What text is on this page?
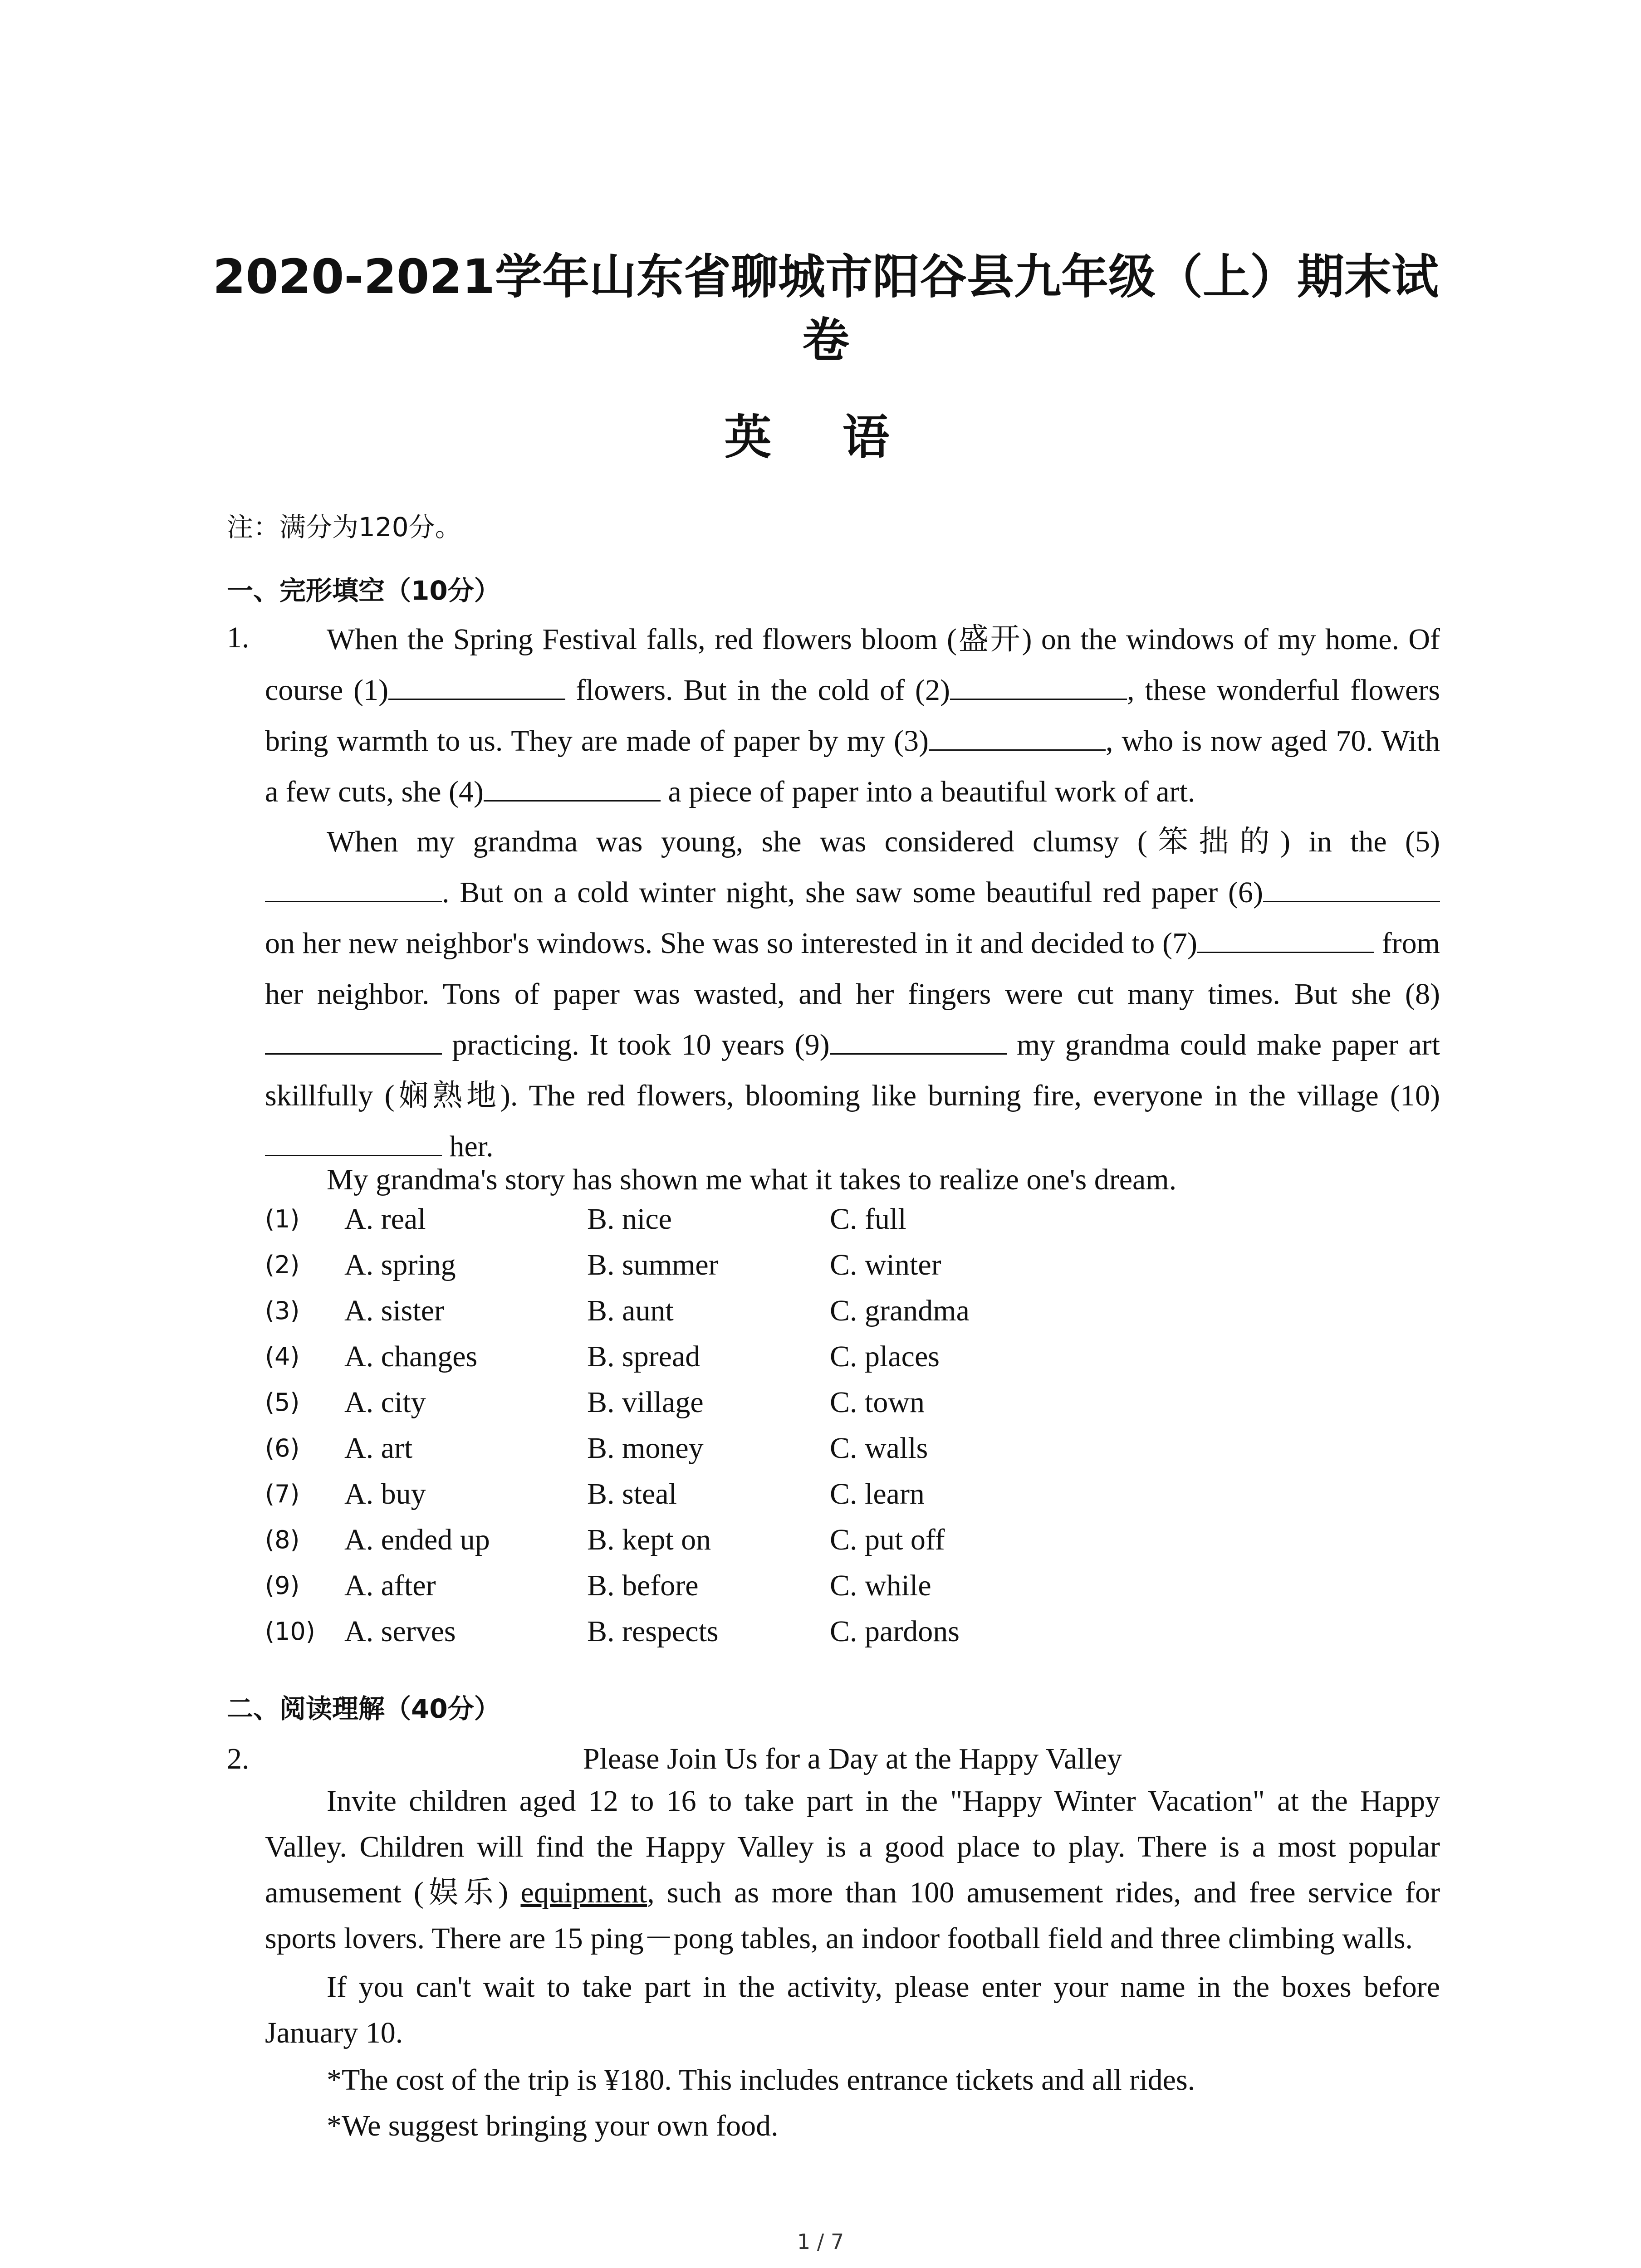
2020-2021学年山东省聊城市阳谷县九年级（上）期末试卷
英 语
注：满分为120分。
一、完形填空（10分）
1.	When the Spring Festival falls, red flowers bloom (盛开) on the windows of my home. Of course (1)	flowers. But in the cold of (2)	, these wonderful flowers bring warmth to us. They are made of paper by my (3)	, who is now aged 70. With a few cuts, she (4)	a piece of paper into a beautiful work of art.
When my grandma was young, she was considered clumsy (笨拙的) in the (5). But on a cold winter night, she saw some beautiful red paper (6) on her new neighbor's windows. She was so interested in it and decided to (7)	from her neighbor. Tons of paper was wasted, and her fingers were cut many times. But she (8) practicing. It took 10 years (9)	my grandma could make paper art skillfully (娴熟地). The red flowers, blooming like burning fire, everyone in the village (10) her.
My grandma's story has shown me what it takes to realize one's dream.
(1) A. real	B. nice	C. full
(2) A. spring	B. summer	C. winter
(3) A. sister	B. aunt	C. grandma
(4) A. changes	B. spread	C. places
(5) A. city	B. village	C. town
(6) A. art	B. money	C. walls
(7) A. buy	B. steal	C. learn
(8) A. ended up	B. kept on	C. put off
(9) A. after	B. before	C. while
(10) A. serves	B. respects	C. pardons
二、阅读理解（40分）
2.	Please Join Us for a Day at the Happy Valley
Invite children aged 12 to 16 to take part in the "Happy Winter Vacation" at the Happy Valley. Children will find the Happy Valley is a good place to play. There is a most popular amusement (娱乐) equipment, such as more than 100 amusement rides, and free service for sports lovers. There are 15 ping－pong tables, an indoor football field and three climbing walls.
If you can't wait to take part in the activity, please enter your name in the boxes before January 10.
*The cost of the trip is ¥180. This includes entrance tickets and all rides.
*We suggest bringing your own food.
1 / 7
